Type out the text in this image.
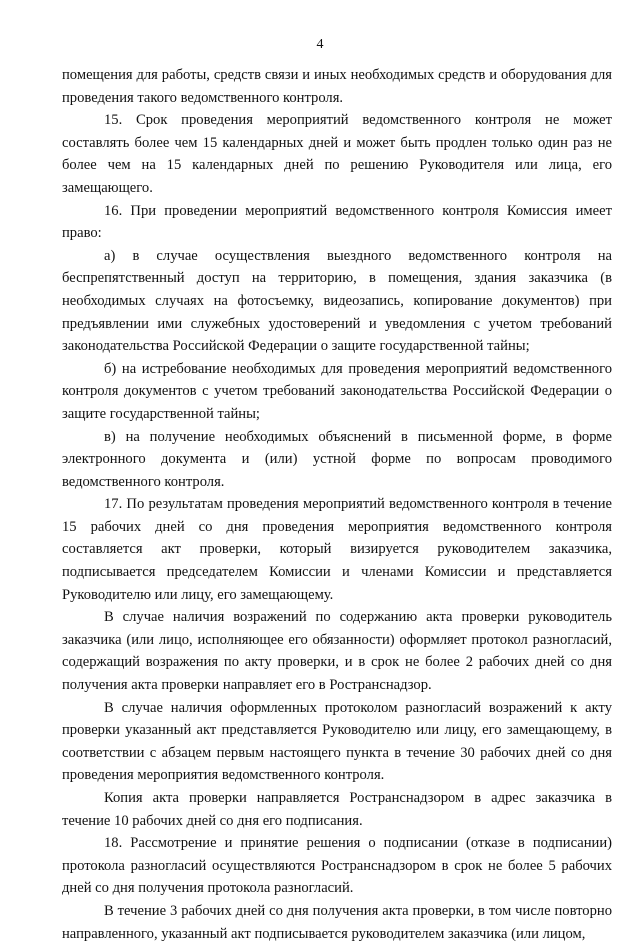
4

помещения для работы, средств связи и иных необходимых средств и оборудования для проведения такого ведомственного контроля.

15. Срок проведения мероприятий ведомственного контроля не может составлять более чем 15 календарных дней и может быть продлен только один раз не более чем на 15 календарных дней по решению Руководителя или лица, его замещающего.

16. При проведении мероприятий ведомственного контроля Комиссия имеет право:

а) в случае осуществления выездного ведомственного контроля на беспрепятственный доступ на территорию, в помещения, здания заказчика (в необходимых случаях на фотосъемку, видеозапись, копирование документов) при предъявлении ими служебных удостоверений и уведомления с учетом требований законодательства Российской Федерации о защите государственной тайны;

б) на истребование необходимых для проведения мероприятий ведомственного контроля документов с учетом требований законодательства Российской Федерации о защите государственной тайны;

в) на получение необходимых объяснений в письменной форме, в форме электронного документа и (или) устной форме по вопросам проводимого ведомственного контроля.

17. По результатам проведения мероприятий ведомственного контроля в течение 15 рабочих дней со дня проведения мероприятия ведомственного контроля составляется акт проверки, который визируется руководителем заказчика, подписывается председателем Комиссии и членами Комиссии и представляется Руководителю или лицу, его замещающему.

В случае наличия возражений по содержанию акта проверки руководитель заказчика (или лицо, исполняющее его обязанности) оформляет протокол разногласий, содержащий возражения по акту проверки, и в срок не более 2 рабочих дней со дня получения акта проверки направляет его в Ространснадзор.

В случае наличия оформленных протоколом разногласий возражений к акту проверки указанный акт представляется Руководителю или лицу, его замещающему, в соответствии с абзацем первым настоящего пункта в течение 30 рабочих дней со дня проведения мероприятия ведомственного контроля.

Копия акта проверки направляется Ространснадзором в адрес заказчика в течение 10 рабочих дней со дня его подписания.

18. Рассмотрение и принятие решения о подписании (отказе в подписании) протокола разногласий осуществляются Ространснадзором в срок не более 5 рабочих дней со дня получения протокола разногласий.

В течение 3 рабочих дней со дня получения акта проверки, в том числе повторно направленного, указанный акт подписывается руководителем заказчика (или лицом,
